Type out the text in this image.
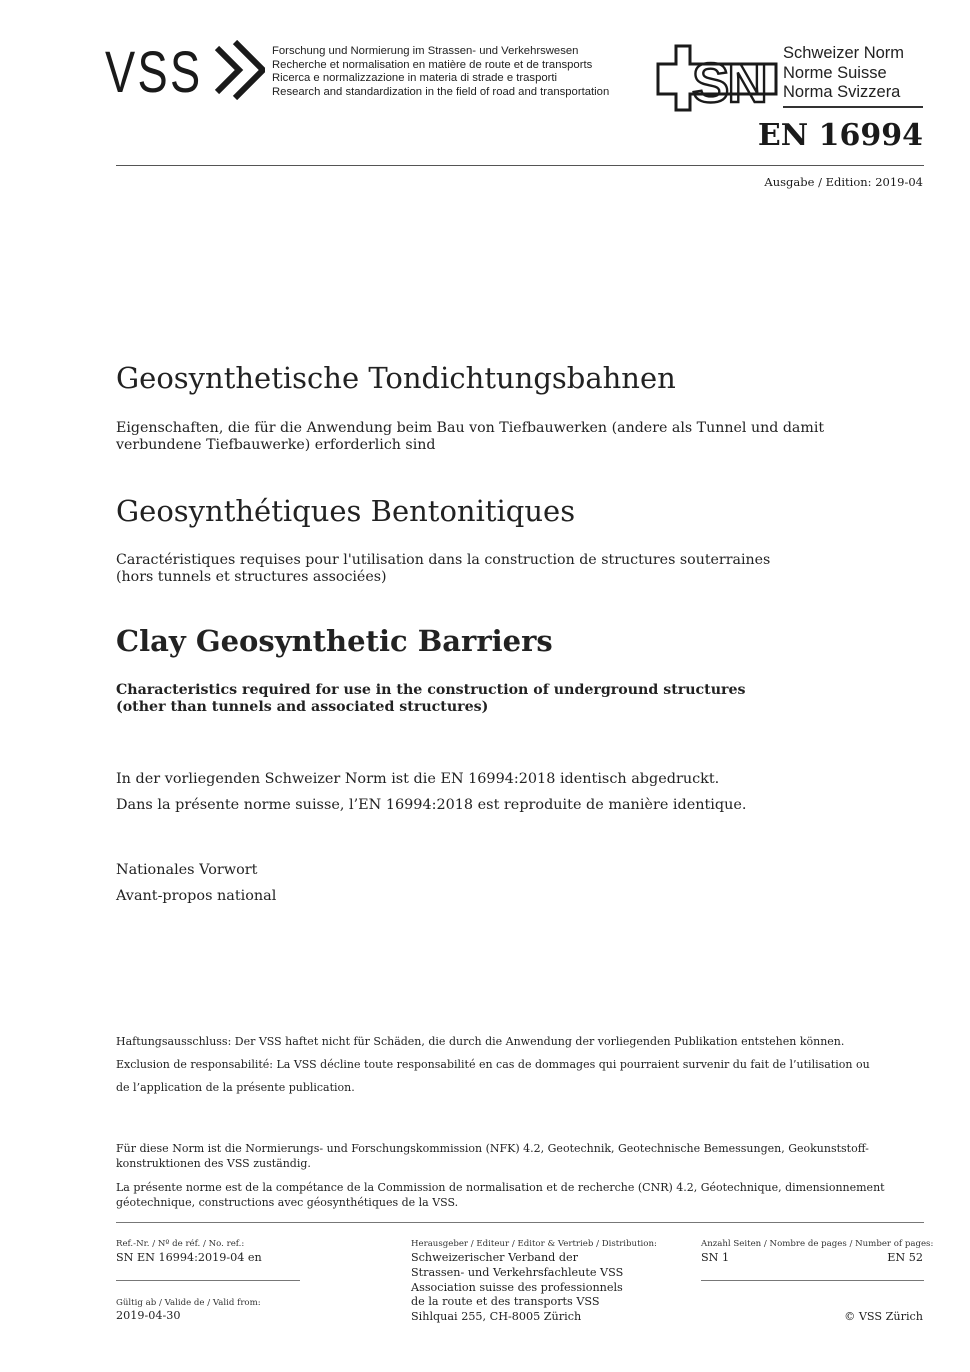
VSS	Forschung und Normierung im Strassen- und Verkehrswesen
Recherche et normalisation en matière de route et de transports
Ricerca e normalizzazione in materia di strade e trasporti
Research and standardization in the field of road and transportation SN Schweizer Norm
Norme Suisse
Norma Svizzera
EN 16994
Ausgabe / Edition: 2019-04
Geosynthetische Tondichtungsbahnen
Eigenschaften, die für die Anwendung beim Bau von Tiefbauwerken (andere als Tunnel und damit verbundene Tiefbauwerke) erforderlich sind
Geosynthétiques Bentonitiques
Caractéristiques requises pour l'utilisation dans la construction de structures souterraines
(hors tunnels et structures associées)
Clay Geosynthetic Barriers
Characteristics required for use in the construction of underground structures
(other than tunnels and associated structures)
In der vorliegenden Schweizer Norm ist die EN 16994:2018 identisch abgedruckt.
Dans la présente norme suisse, l’EN 16994:2018 est reproduite de manière identique.
Nationales Vorwort
Avant-propos national
Haftungsausschluss: Der VSS haftet nicht für Schäden, die durch die Anwendung der vorliegenden Publikation entstehen können.
Exclusion de responsabilité: La VSS décline toute responsabilité en cas de dommages qui pourraient survenir du fait de l’utilisation ou
de l’application de la présente publication.
Für diese Norm ist die Normierungs- und Forschungskommission (NFK) 4.2, Geotechnik, Geotechnische Bemessungen, Geokunststoff-konstruktionen des VSS zuständig.
La présente norme est de la compétance de la Commission de normalisation et de recherche (CNR) 4.2, Géotechnique, dimensionnement géotechnique, constructions avec géosynthétiques de la VSS.
Ref.-Nr. / Nº de réf. / No. ref.:
SN EN 16994:2019-04 en
Gültig ab / Valide de / Valid from:
2019-04-30
Herausgeber / Editeur / Editor & Vertrieb / Distribution:
Schweizerischer Verband der
Strassen- und Verkehrsfachleute VSS
Association suisse des professionnels
de la route et des transports VSS
Sihlquai 255, CH-8005 Zürich
Anzahl Seiten / Nombre de pages / Number of pages:
SN 1	EN 52
© VSS Zürich
